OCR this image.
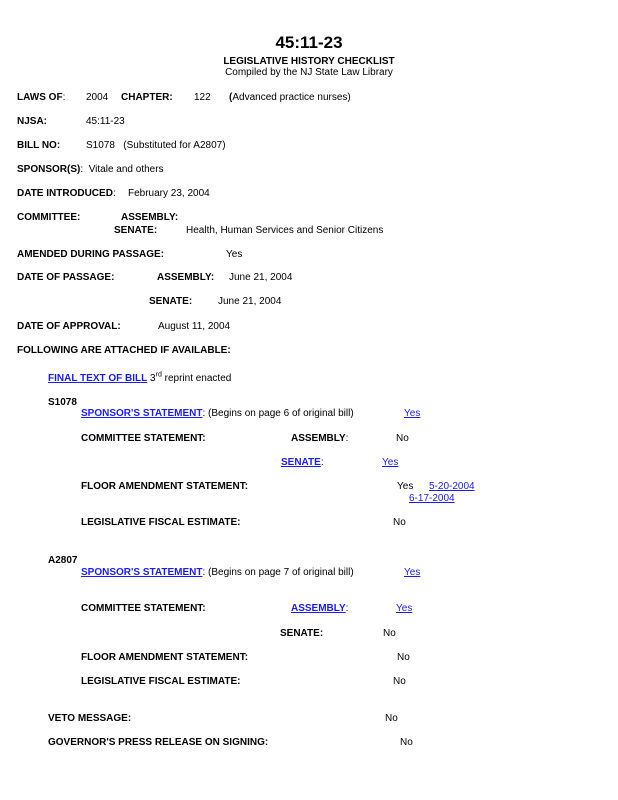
45:11-23
LEGISLATIVE HISTORY CHECKLIST
Compiled by the NJ State Law Library
LAWS OF: 2004 CHAPTER: 122 (Advanced practice nurses)
NJSA:	45:11-23
BILL NO:	S1078   (Substituted for A2807)
SPONSOR(S): Vitale and others
DATE INTRODUCED: February 23, 2004
COMMITTEE:	ASSEMBLY:
SENATE:	Health, Human Services and Senior Citizens
AMENDED DURING PASSAGE:	Yes
DATE OF PASSAGE:	ASSEMBLY: June 21, 2004
SENATE:	June 21, 2004
DATE OF APPROVAL:	August 11, 2004
FOLLOWING ARE ATTACHED IF AVAILABLE:
FINAL TEXT OF BILL 3rd reprint enacted
S1078
SPONSOR'S STATEMENT: (Begins on page 6 of original bill)	Yes
COMMITTEE STATEMENT:	ASSEMBLY:	No
SENATE:	Yes
FLOOR AMENDMENT STATEMENT:	Yes 5-20-2004
6-17-2004
LEGISLATIVE FISCAL ESTIMATE:	No
A2807
SPONSOR'S STATEMENT: (Begins on page 7 of original bill)	Yes
COMMITTEE STATEMENT:	ASSEMBLY:	Yes
SENATE:	No
FLOOR AMENDMENT STATEMENT:	No
LEGISLATIVE FISCAL ESTIMATE:	No
VETO MESSAGE:	No
GOVERNOR'S PRESS RELEASE ON SIGNING:	No
